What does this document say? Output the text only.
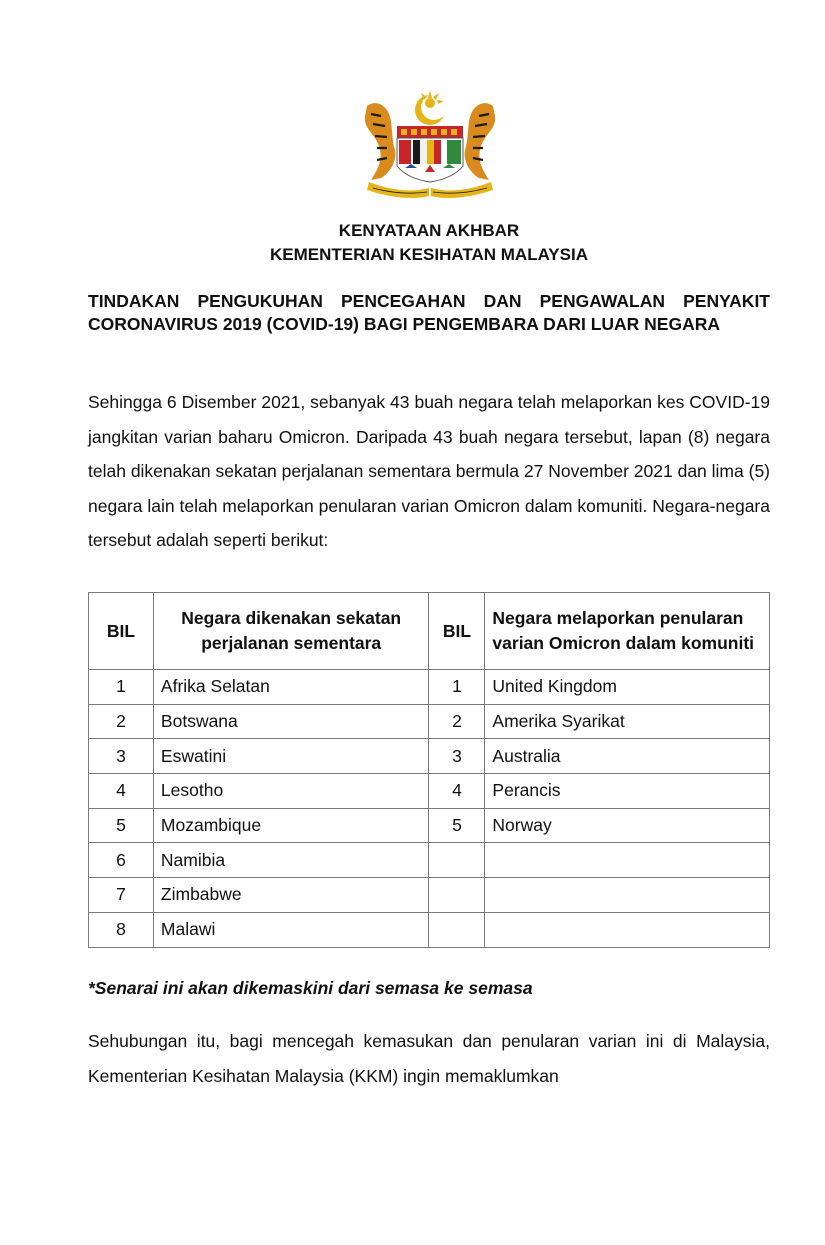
KENYATAAN AKHBAR
KEMENTERIAN KESIHATAN MALAYSIA
TINDAKAN PENGUKUHAN PENCEGAHAN DAN PENGAWALAN PENYAKIT CORONAVIRUS 2019 (COVID-19) BAGI PENGEMBARA DARI LUAR NEGARA
Sehingga 6 Disember 2021, sebanyak 43 buah negara telah melaporkan kes COVID-19 jangkitan varian baharu Omicron. Daripada 43 buah negara tersebut, lapan (8) negara telah dikenakan sekatan perjalanan sementara bermula 27 November 2021 dan lima (5) negara lain telah melaporkan penularan varian Omicron dalam komuniti. Negara-negara tersebut adalah seperti berikut:
BIL	Negara dikenakan sekatan perjalanan sementara	BIL	Negara melaporkan penularan varian Omicron dalam komuniti
1	Afrika Selatan	1	United Kingdom
2	Botswana	2	Amerika Syarikat
3	Eswatini	3	Australia
4	Lesotho	4	Perancis
5	Mozambique	5	Norway
6	Namibia		
7	Zimbabwe		
8	Malawi		
*Senarai ini akan dikemaskini dari semasa ke semasa
Sehubungan itu, bagi mencegah kemasukan dan penularan varian ini di Malaysia, Kementerian Kesihatan Malaysia (KKM) ingin memaklumkan
